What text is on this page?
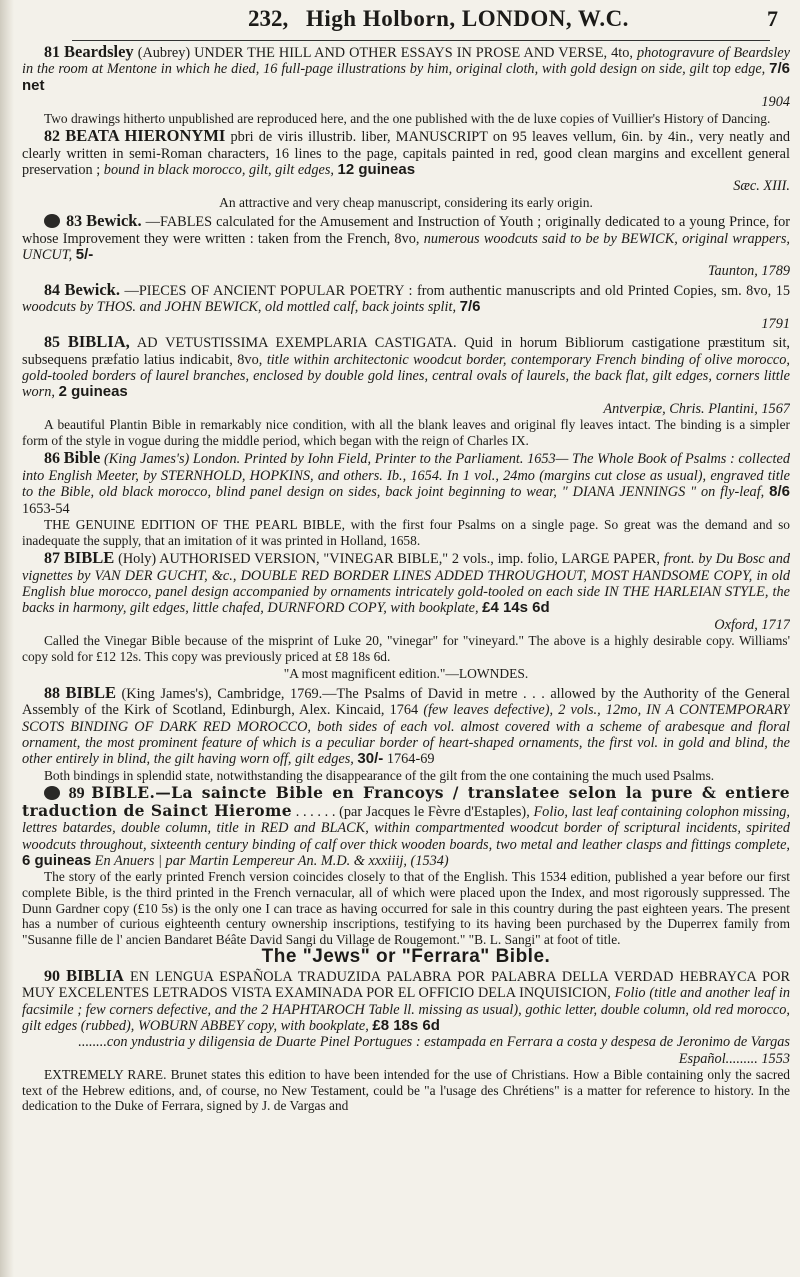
232, High Holborn, LONDON, W.C.	7

81 Beardsley (Aubrey) UNDER THE HILL AND OTHER ESSAYS IN PROSE AND VERSE, 4to, photogravure of Beardsley in the room at Mentone in which he died, 16 full-page illustrations by him, original cloth, with gold design on side, gilt top edge, 7/6 net
1904

Two drawings hitherto unpublished are reproduced here, and the one published with the de luxe copies of Vuillier's History of Dancing.

82 BEATA HIERONYMI pbri de viris illustrib. liber, MANUSCRIPT on 95 leaves vellum, 6in. by 4in., very neatly and clearly written in semi-Roman characters, 16 lines to the page, capitals painted in red, good clean margins and excellent general preservation ; bound in black morocco, gilt, gilt edges, 12 guineas
Sæc. XIII.

An attractive and very cheap manuscript, considering its early origin.

83 Bewick. —FABLES calculated for the Amusement and Instruction of Youth ; originally dedicated to a young Prince, for whose Improvement they were written : taken from the French, 8vo, numerous woodcuts said to be by BEWICK, original wrappers, UNCUT, 5/-
Taunton, 1789

84 Bewick. —PIECES OF ANCIENT POPULAR POETRY : from authentic manuscripts and old Printed Copies, sm. 8vo, 15 woodcuts by THOS. and JOHN BEWICK, old mottled calf, back joints split, 7/6
1791

85 BIBLIA, AD VETUSTISSIMA EXEMPLARIA CASTIGATA. Quid in horum Bibliorum castigatione præstitum sit, subsequens præfatio latius indicabit, 8vo, title within architectonic woodcut border, contemporary French binding of olive morocco, gold-tooled borders of laurel branches, enclosed by double gold lines, central ovals of laurels, the back flat, gilt edges, corners little worn, 2 guineas
Antverpiæ, Chris. Plantini, 1567

A beautiful Plantin Bible in remarkably nice condition, with all the blank leaves and original fly leaves intact. The binding is a simpler form of the style in vogue during the middle period, which began with the reign of Charles IX.

86 Bible (King James's) London. Printed by Iohn Field, Printer to the Parliament. 1653— The Whole Book of Psalms : collected into English Meeter, by STERNHOLD, HOPKINS, and others. Ib., 1654. In 1 vol., 24mo (margins cut close as usual), engraved title to the Bible, old black morocco, blind panel design on sides, back joint beginning to wear, " DIANA JENNINGS " on fly-leaf, 8/6 1653-54

THE GENUINE EDITION OF THE PEARL BIBLE, with the first four Psalms on a single page. So great was the demand and so inadequate the supply, that an imitation of it was printed in Holland, 1658.

87 BIBLE (Holy) AUTHORISED VERSION, "VINEGAR BIBLE," 2 vols., imp. folio, LARGE PAPER, front. by Du Bosc and vignettes by VAN DER GUCHT, &c., DOUBLE RED BORDER LINES ADDED THROUGHOUT, MOST HANDSOME COPY, in old English blue morocco, panel design accompanied by ornaments intricately gold-tooled on each side IN THE HARLEIAN STYLE, the backs in harmony, gilt edges, little chafed, DURNFORD COPY, with bookplate, £4 14s 6d
Oxford, 1717

Called the Vinegar Bible because of the misprint of Luke 20, "vinegar" for "vineyard." The above is a highly desirable copy. Williams' copy sold for £12 12s. This copy was previously priced at £8 18s 6d.

"A most magnificent edition."—LOWNDES.

88 BIBLE (King James's), Cambridge, 1769.—The Psalms of David in metre . . . allowed by the Authority of the General Assembly of the Kirk of Scotland, Edinburgh, Alex. Kincaid, 1764 (few leaves defective), 2 vols., 12mo, IN A CONTEMPORARY SCOTS BINDING OF DARK RED MOROCCO, both sides of each vol. almost covered with a scheme of arabesque and floral ornament, the most prominent feature of which is a peculiar border of heart-shaped ornaments, the first vol. in gold and blind, the other entirely in blind, the gilt having worn off, gilt edges, 30/- 1764-69

Both bindings in splendid state, notwithstanding the disappearance of the gilt from the one containing the much used Psalms.

89 BIBLE.—La saincte Bible en Francoys / translatee selon la pure & entiere traduction de Sainct Hierome . . . . . . (par Jacques le Fèvre d'Estaples), Folio, last leaf containing colophon missing, lettres batardes, double column, title in RED and BLACK, within compartmented woodcut border of scriptural incidents, spirited woodcuts throughout, sixteenth century binding of calf over thick wooden boards, two metal and leather clasps and fittings complete, 6 guineas En Anuers | par Martin Lempereur An. M.D. & xxxiiij, (1534)

The story of the early printed French version coincides closely to that of the English. This 1534 edition, published a year before our first complete Bible, is the third printed in the French vernacular, all of which were placed upon the Index, and most rigorously suppressed. The Dunn Gardner copy (£10 5s) is the only one I can trace as having occurred for sale in this country during the past eighteen years. The present has a number of curious eighteenth century ownership inscriptions, testifying to its having been purchased by the Duperrex family from "Susanne fille de l' ancien Bandaret Béâte David Sangi du Village de Rougemont." "B. L. Sangi" at foot of title.

The "Jews" or "Ferrara" Bible.

90 BIBLIA EN LENGUA ESPAÑOLA TRADUZIDA PALABRA POR PALABRA DELLA VERDAD HEBRAYCA POR MUY EXCELENTES LETRADOS VISTA EXAMINADA POR EL OFFICIO DELA INQUISICION, Folio (title and another leaf in facsimile ; few corners defective, and the 2 HAPHTAROCH Table ll. missing as usual), gothic letter, double column, old red morocco, gilt edges (rubbed), WOBURN ABBEY copy, with bookplate, £8 18s 6d
........con yndustria y diligensia de Duarte Pinel Portugues : estampada en Ferrara a costa y despesa de Jeronimo de Vargas Español......... 1553

EXTREMELY RARE. Brunet states this edition to have been intended for the use of Christians. How a Bible containing only the sacred text of the Hebrew editions, and, of course, no New Testament, could be "a l'usage des Chrétiens" is a matter for reference to history. In the dedication to the Duke of Ferrara, signed by J. de Vargas and
